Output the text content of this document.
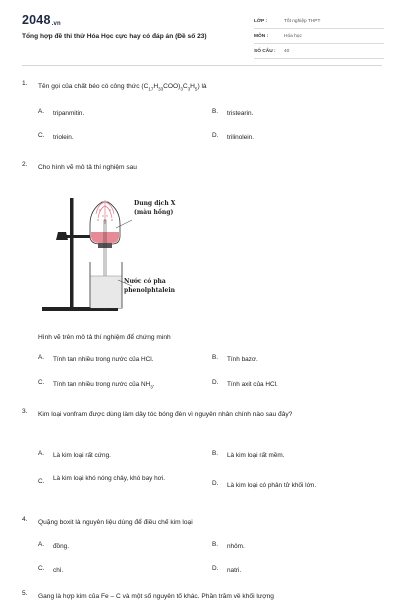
2048.vn
Tổng hợp đề thi thử Hóa Học cực hay có đáp án (Đề số 23)
LỚP :	Tốt nghiệp THPT
MÔN :	Hóa học
SỐ CÂU :	40
1.	Tên gọi của chất béo có công thức $(C_{17}H_{33}COO)_3C_3H_5$) là
A.	tripanmitin.	B.	tristearin.
C.	triolein.	D.	trilinolein.
2.	Cho hình vẽ mô tả thí nghiệm sau
Dung dịch X
(màu hồng)
Nước có pha
phenolphtalein
Hình vẽ trên mô tả thí nghiệm để chứng minh
A.	Tính tan nhiều trong nước của HCl.	B.	Tính bazơ.
C.	Tính tan nhiều trong nước của $NH_3$.	D.	Tính axit của HCl.
3.	Kim loại vonfram được dùng làm dây tóc bóng đèn vì nguyên nhân chính nào sau đây?
A.	Là kim loại rất cứng.	B.	Là kim loại rất mềm.
C.	Là kim loại khó nóng chảy, khó bay hơi.
D.	Là kim loại có phân tử khối lớn.
4.	Quặng boxit là nguyên liệu dùng để điều chế kim loại
A.	đồng.	B.	nhôm.
C.	chì.	D.	natri.
5.	Gang là hợp kim của Fe – C và một số nguyên tố khác. Phần trăm về khối lượng
